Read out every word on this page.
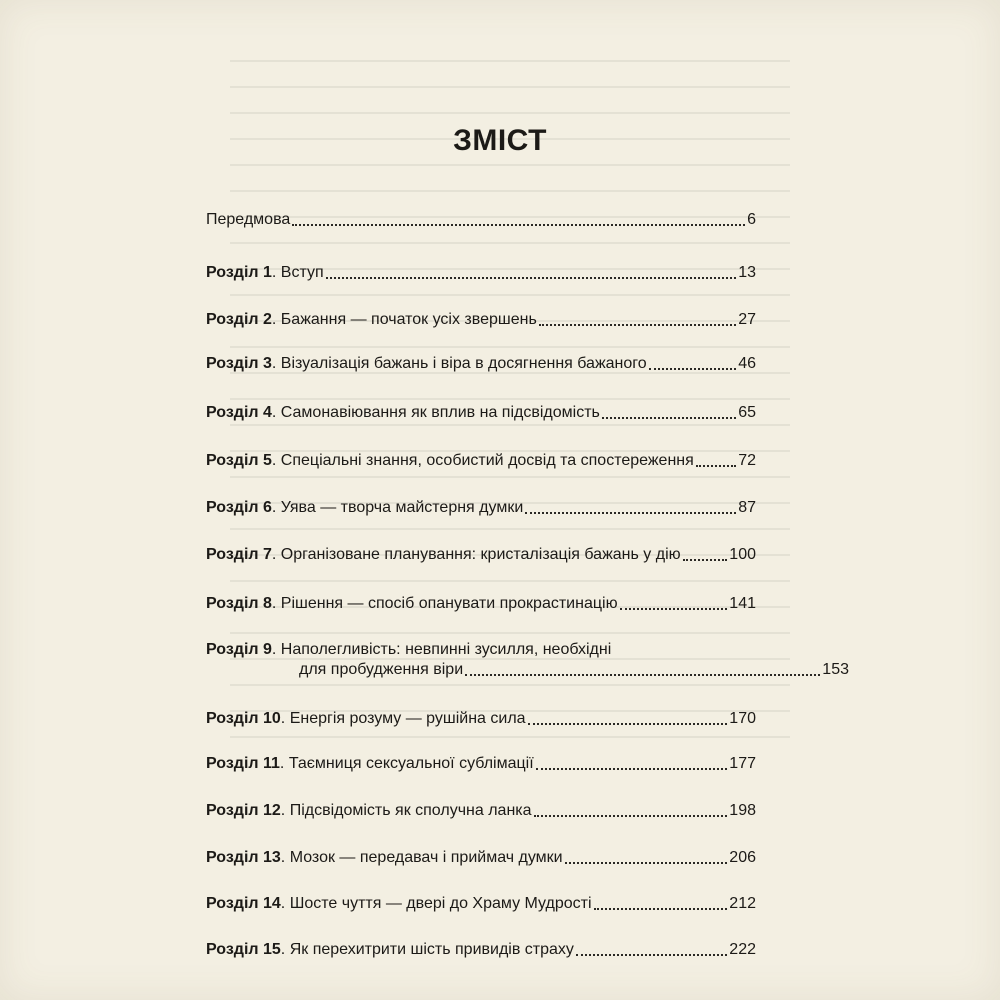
ЗМІСТ
Передмова	6
Розділ 1. Вступ	13
Розділ 2. Бажання — початок усіх звершень	27
Розділ 3. Візуалізація бажань і віра в досягнення бажаного	46
Розділ 4. Самонавіювання як вплив на підсвідомість	65
Розділ 5. Спеціальні знання, особистий досвід та спостереження	72
Розділ 6. Уява — творча майстерня думки	87
Розділ 7. Організоване планування: кристалізація бажань у дію	100
Розділ 8. Рішення — спосіб опанувати прокрастинацію	141
Розділ 9. Наполегливість: невпинні зусилля, необхідні
для пробудження віри	153
Розділ 10. Енергія розуму — рушійна сила	170
Розділ 11. Таємниця сексуальної сублімації	177
Розділ 12. Підсвідомість як сполучна ланка	198
Розділ 13. Мозок — передавач і приймач думки	206
Розділ 14. Шосте чуття — двері до Храму Мудрості	212
Розділ 15. Як перехитрити шість привидів страху	222
